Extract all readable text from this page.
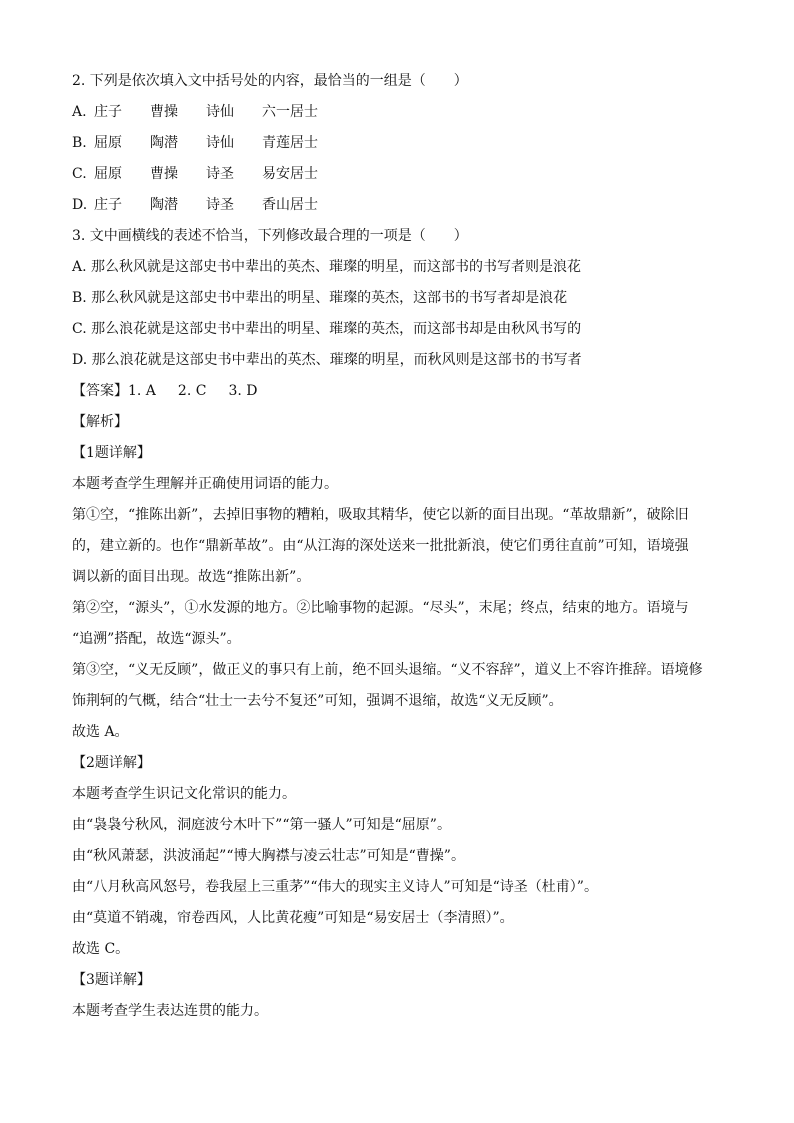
2. 下列是依次填入文中括号处的内容，最恰当的一组是（　　）
A. 庄子	曹操	诗仙	六一居士
B. 屈原	陶潜	诗仙	青莲居士
C. 屈原	曹操	诗圣	易安居士
D. 庄子	陶潜	诗圣	香山居士
3. 文中画横线的表述不恰当，下列修改最合理的一项是（　　）
A. 那么秋风就是这部史书中辈出的英杰、璀璨的明星，而这部书的书写者则是浪花
B. 那么秋风就是这部史书中辈出的明星、璀璨的英杰，这部书的书写者却是浪花
C. 那么浪花就是这部史书中辈出的明星、璀璨的英杰，而这部书却是由秋风书写的
D. 那么浪花就是这部史书中辈出的英杰、璀璨的明星，而秋风则是这部书的书写者
【答案】1. A 2. C 3. D
【解析】
【1题详解】
本题考查学生理解并正确使用词语的能力。
第①空，“推陈出新”，去掉旧事物的糟粕，吸取其精华，使它以新的面目出现。“革故鼎新”，破除旧
的，建立新的。也作“鼎新革故”。由“从江海的深处送来一批批新浪，使它们勇往直前”可知，语境强
调以新的面目出现。故选“推陈出新”。
第②空，“源头”，①水发源的地方。②比喻事物的起源。“尽头”，末尾；终点，结束的地方。语境与
“追溯”搭配，故选“源头”。
第③空，“义无反顾”，做正义的事只有上前，绝不回头退缩。“义不容辞”，道义上不容许推辞。语境修
饰荆轲的气概，结合“壮士一去兮不复还”可知，强调不退缩，故选“义无反顾”。
故选 A。
【2题详解】
本题考查学生识记文化常识的能力。
由“袅袅兮秋风，洞庭波兮木叶下”“第一骚人”可知是“屈原”。
由“秋风萧瑟，洪波涌起”“博大胸襟与凌云壮志”可知是“曹操”。
由“八月秋高风怒号，卷我屋上三重茅”“伟大的现实主义诗人”可知是“诗圣（杜甫）”。
由“莫道不销魂，帘卷西风，人比黄花瘦”可知是“易安居士（李清照）”。
故选 C。
【3题详解】
本题考查学生表达连贯的能力。
